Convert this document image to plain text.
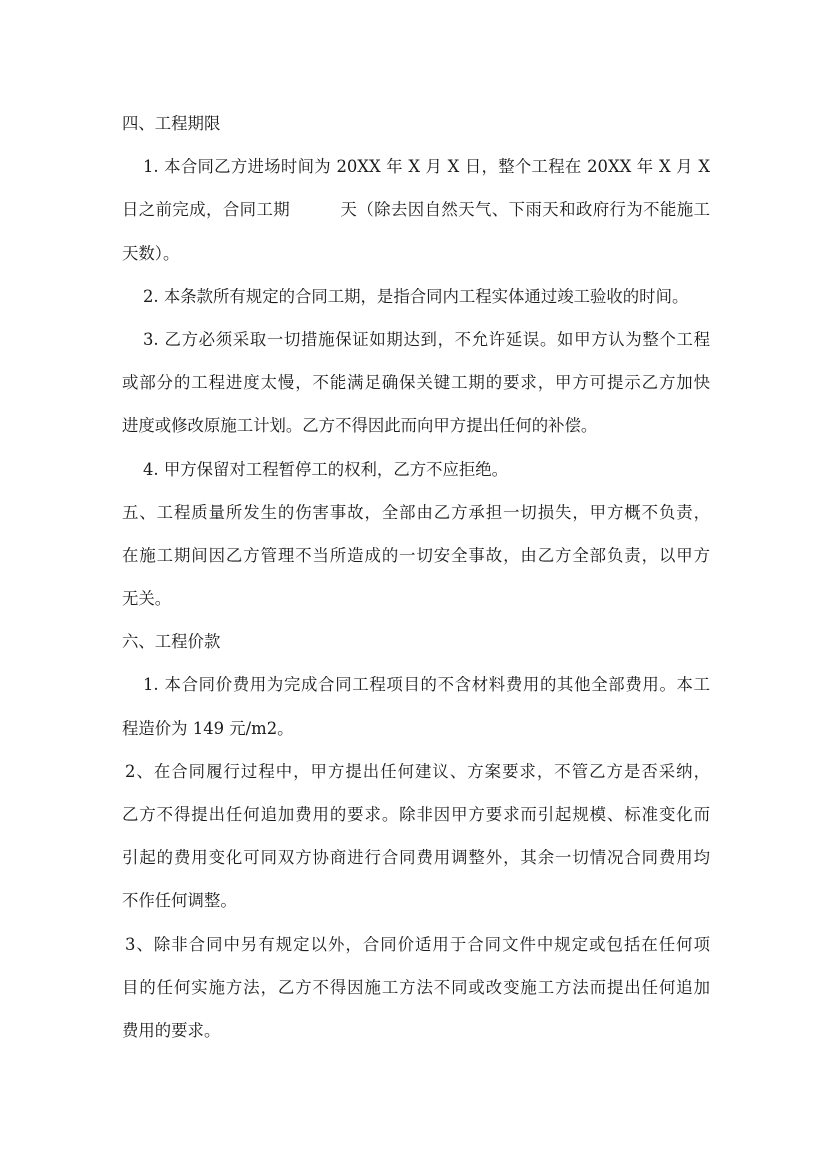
四、工程期限
1. 本合同乙方进场时间为 20XX 年 X 月 X 日，整个工程在 20XX 年 X 月 X
日之前完成，合同工期　　　天（除去因自然天气、下雨天和政府行为不能施工
天数）。
2. 本条款所有规定的合同工期，是指合同内工程实体通过竣工验收的时间。
3. 乙方必须采取一切措施保证如期达到，不允许延误。如甲方认为整个工程
或部分的工程进度太慢，不能满足确保关键工期的要求，甲方可提示乙方加快
进度或修改原施工计划。乙方不得因此而向甲方提出任何的补偿。
4. 甲方保留对工程暂停工的权利，乙方不应拒绝。
五、工程质量所发生的伤害事故，全部由乙方承担一切损失，甲方概不负责，
在施工期间因乙方管理不当所造成的一切安全事故，由乙方全部负责，以甲方
无关。
六、工程价款
1. 本合同价费用为完成合同工程项目的不含材料费用的其他全部费用。本工
程造价为 149 元/m2。
2、在合同履行过程中，甲方提出任何建议、方案要求，不管乙方是否采纳，
乙方不得提出任何追加费用的要求。除非因甲方要求而引起规模、标准变化而
引起的费用变化可同双方协商进行合同费用调整外，其余一切情况合同费用均
不作任何调整。
3、除非合同中另有规定以外，合同价适用于合同文件中规定或包括在任何项
目的任何实施方法，乙方不得因施工方法不同或改变施工方法而提出任何追加
费用的要求。
